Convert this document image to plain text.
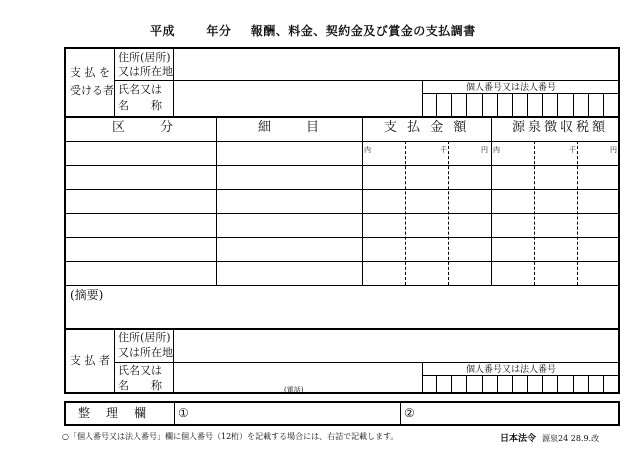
平成	年分 報酬、料金、契約金及び賞金の支払調書
支 払 を
受ける者
住所(居所)
又は所在地
氏名又は
名　　称
個人番号又は法人番号
区　　分	細　　目	支 払 金 額	源泉徴収税額
内	千	円 内	千	円
(摘要)
支 払 者
住所(居所)
又は所在地
氏名又は
名　　称	(電話)
個人番号又は法人番号
整　理　欄 ①	②
○「個人番号又は法人番号」欄に個人番号（12桁）を記載する場合には、右詰で記載します。	日本法令 源泉24 28.9.改
